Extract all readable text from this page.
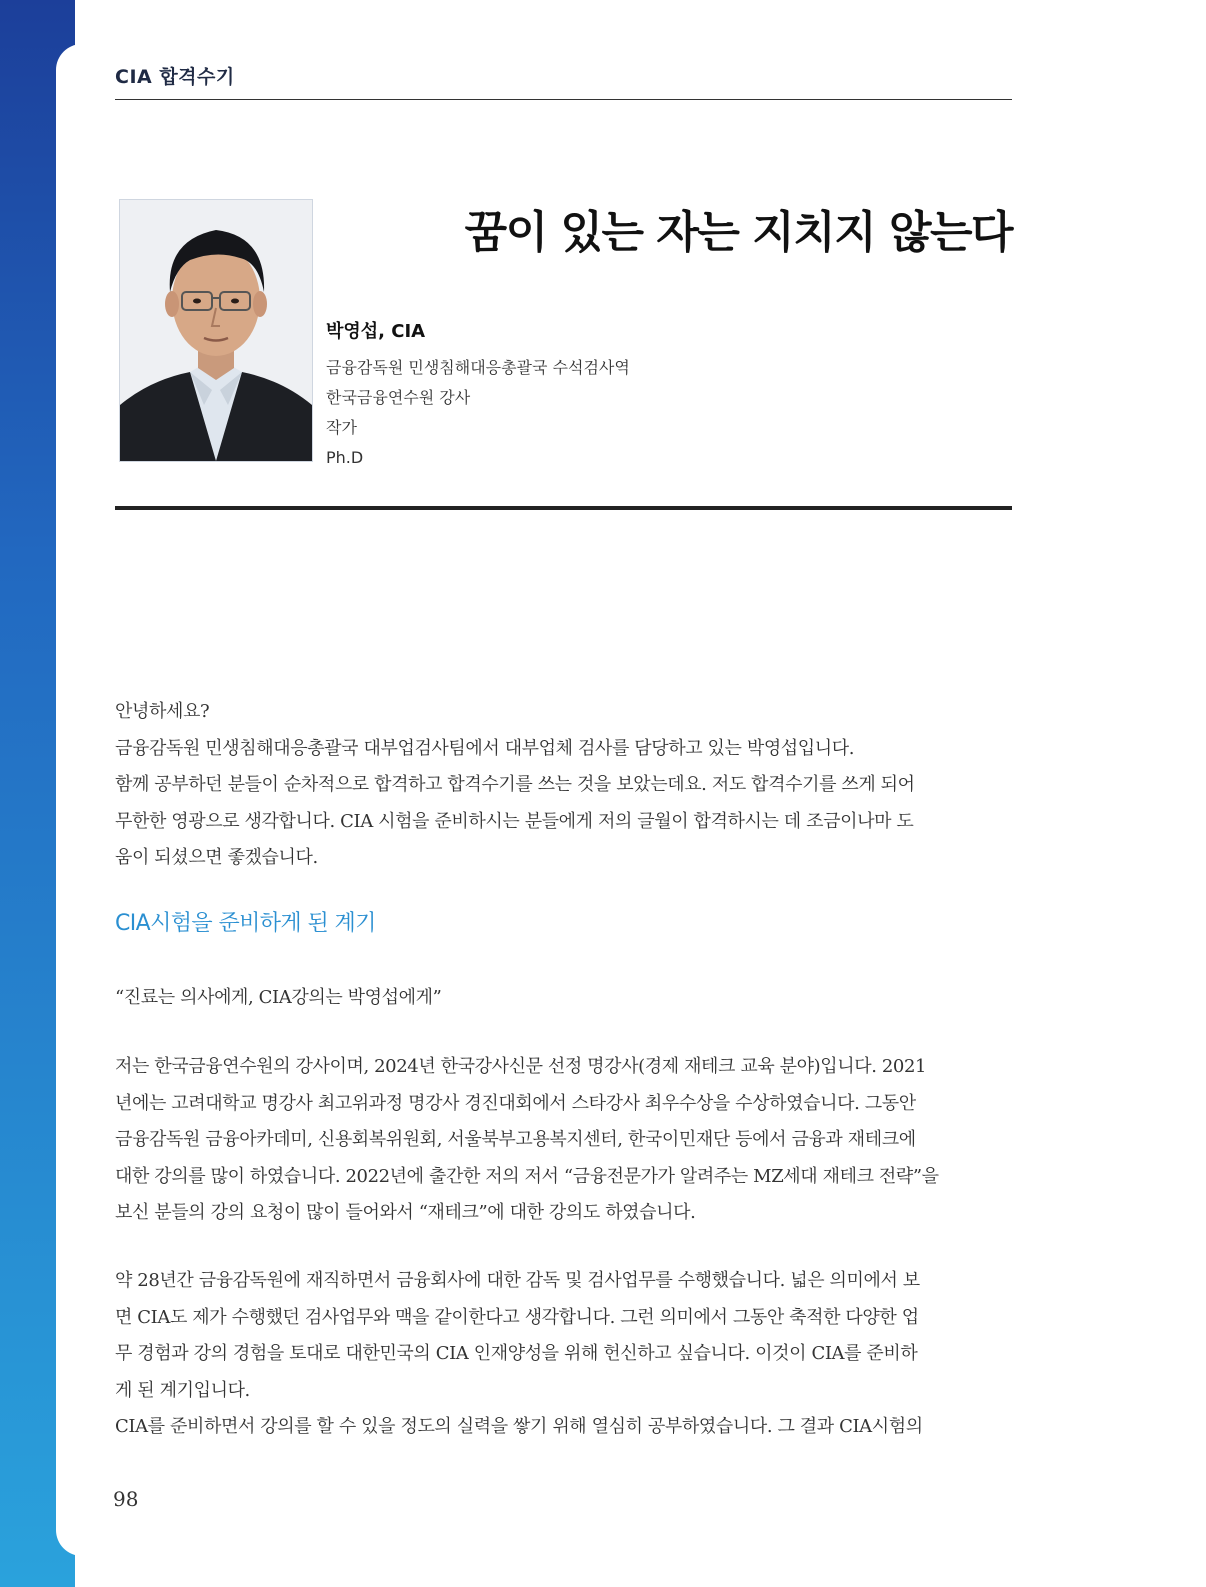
CIA 합격수기
꿈이 있는 자는 지치지 않는다
박영섭, CIA
금융감독원 민생침해대응총괄국 수석검사역
한국금융연수원 강사
작가
Ph.D

안녕하세요?

금융감독원 민생침해대응총괄국 대부업검사팀에서 대부업체 검사를 담당하고 있는 박영섭입니다.

함께 공부하던 분들이 순차적으로 합격하고 합격수기를 쓰는 것을 보았는데요. 저도 합격수기를 쓰게 되어

무한한 영광으로 생각합니다. CIA 시험을 준비하시는 분들에게 저의 글월이 합격하시는 데 조금이나마 도

움이 되셨으면 좋겠습니다.

CIA시험을 준비하게 된 계기

“진료는 의사에게, CIA강의는 박영섭에게”

저는 한국금융연수원의 강사이며, 2024년 한국강사신문 선정 명강사(경제 재테크 교육 분야)입니다. 2021

년에는 고려대학교 명강사 최고위과정 명강사 경진대회에서 스타강사 최우수상을 수상하였습니다. 그동안

금융감독원 금융아카데미, 신용회복위원회, 서울북부고용복지센터, 한국이민재단 등에서 금융과 재테크에

대한 강의를 많이 하였습니다. 2022년에 출간한 저의 저서 “금융전문가가 알려주는 MZ세대 재테크 전략”을

보신 분들의 강의 요청이 많이 들어와서 “재테크”에 대한 강의도 하였습니다.

약 28년간 금융감독원에 재직하면서 금융회사에 대한 감독 및 검사업무를 수행했습니다. 넓은 의미에서 보

면 CIA도 제가 수행했던 검사업무와 맥을 같이한다고 생각합니다. 그런 의미에서 그동안 축적한 다양한 업

무 경험과 강의 경험을 토대로 대한민국의 CIA 인재양성을 위해 헌신하고 싶습니다. 이것이 CIA를 준비하

게 된 계기입니다.

CIA를 준비하면서 강의를 할 수 있을 정도의 실력을 쌓기 위해 열심히 공부하였습니다. 그 결과 CIA시험의

98
